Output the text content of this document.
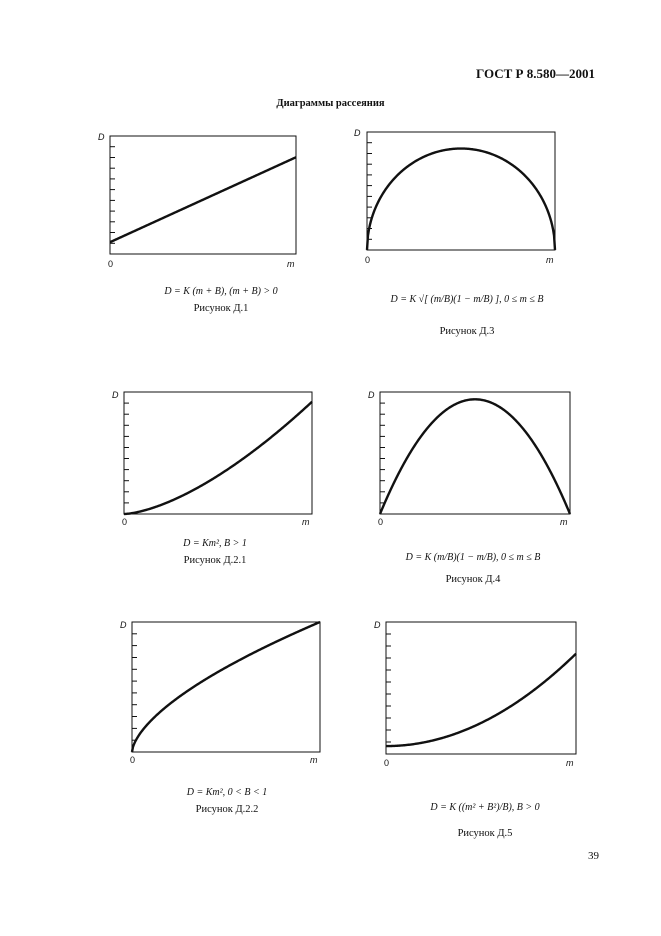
ГОСТ Р 8.580—2001
Диаграммы рассеяния
D
0	m
D = K (m + B), (m + B) > 0
Рисунок Д.1
D
0	m
D = K √[ (m/B)(1 − m/B) ], 0 ≤ m ≤ B
Рисунок Д.3
D
0	m
D = Km², B > 1
Рисунок Д.2.1
D
0	m
D = K (m/B)(1 − m/B), 0 ≤ m ≤ B
Рисунок Д.4
D
0	m
D = Km², 0 < B < 1
Рисунок Д.2.2
D
0	m
D = K ((m² + B²)/B), B > 0
Рисунок Д.5
39
